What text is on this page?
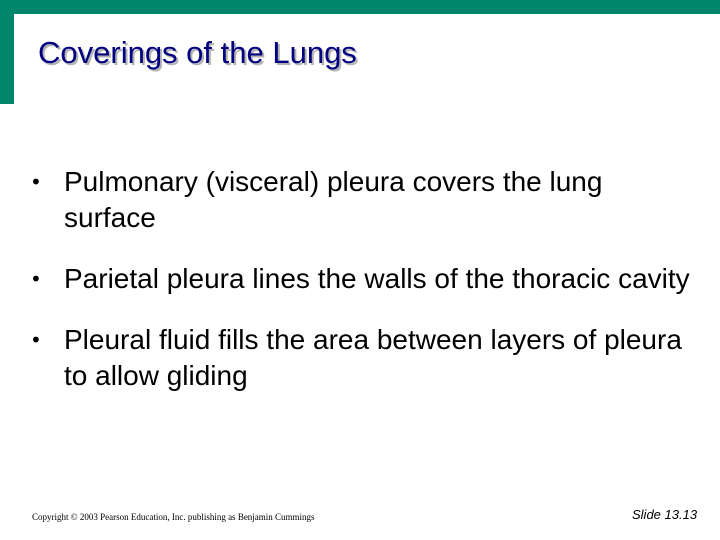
Coverings of the Lungs
• Pulmonary (visceral) pleura covers the lung surface
• Parietal pleura lines the walls of the thoracic cavity
• Pleural fluid fills the area between layers of pleura to allow gliding
Copyright © 2003 Pearson Education, Inc. publishing as Benjamin Cummings	Slide 13.13
